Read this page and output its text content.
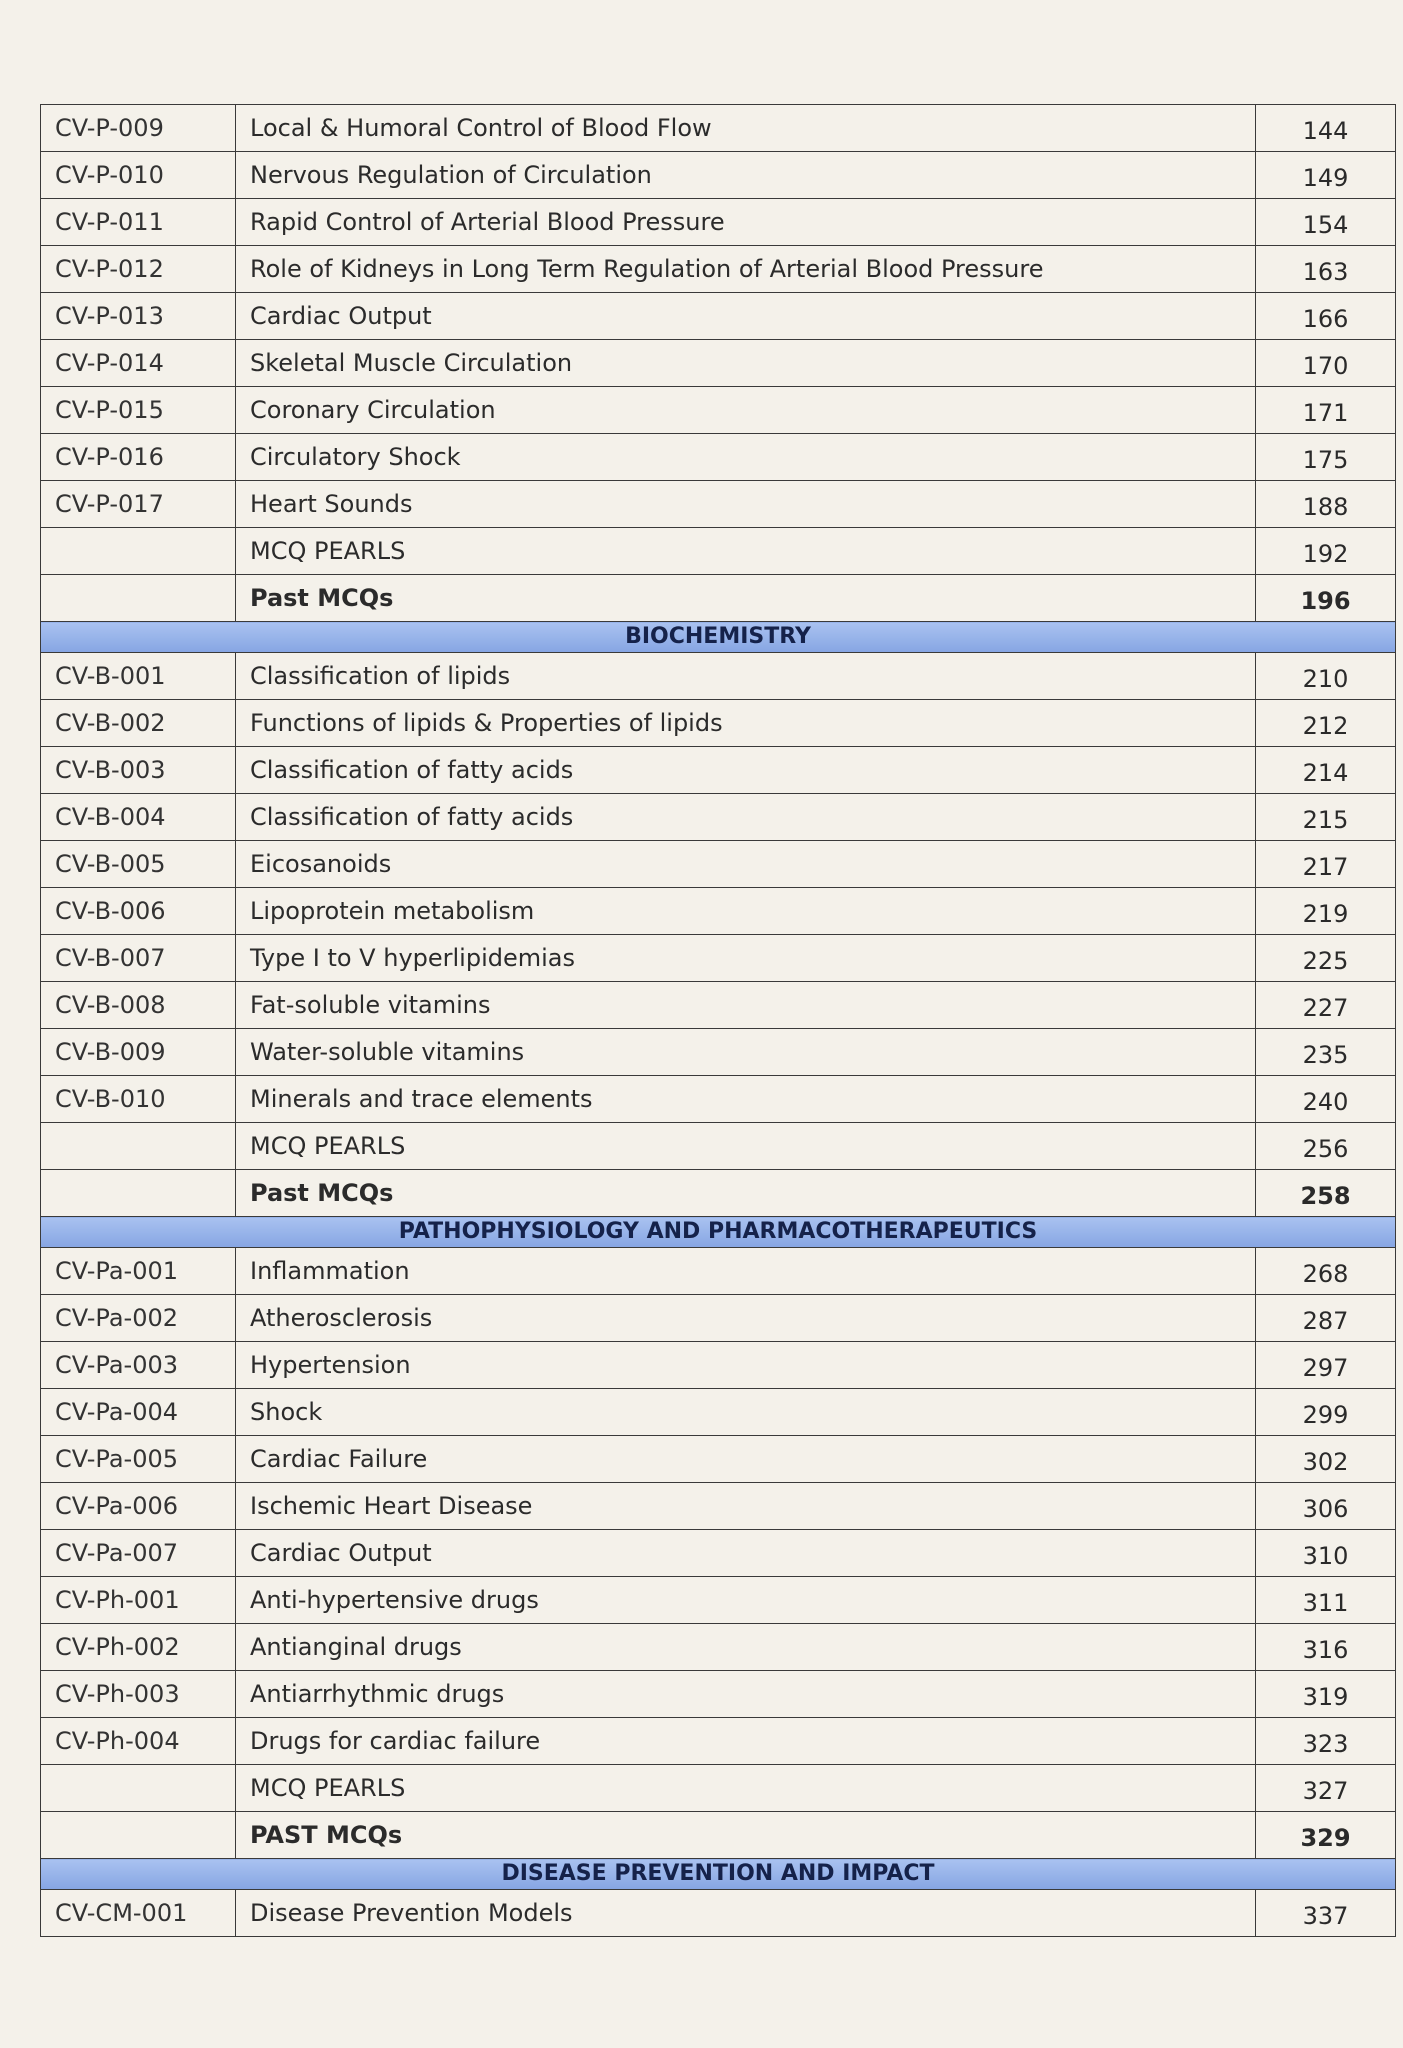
CV-P-009	Local & Humoral Control of Blood Flow	144
CV-P-010	Nervous Regulation of Circulation	149
CV-P-011	Rapid Control of Arterial Blood Pressure	154
CV-P-012	Role of Kidneys in Long Term Regulation of Arterial Blood Pressure	163
CV-P-013	Cardiac Output	166
CV-P-014	Skeletal Muscle Circulation	170
CV-P-015	Coronary Circulation	171
CV-P-016	Circulatory Shock	175
CV-P-017	Heart Sounds	188
	MCQ PEARLS	192
	Past MCQs	196
BIOCHEMISTRY		
CV-B-001	Classification of lipids	210
CV-B-002	Functions of lipids & Properties of lipids	212
CV-B-003	Classification of fatty acids	214
CV-B-004	Classification of fatty acids	215
CV-B-005	Eicosanoids	217
CV-B-006	Lipoprotein metabolism	219
CV-B-007	Type I to V hyperlipidemias	225
CV-B-008	Fat-soluble vitamins	227
CV-B-009	Water-soluble vitamins	235
CV-B-010	Minerals and trace elements	240
	MCQ PEARLS	256
	Past MCQs	258
PATHOPHYSIOLOGY AND PHARMACOTHERAPEUTICS		
CV-Pa-001	Inflammation	268
CV-Pa-002	Atherosclerosis	287
CV-Pa-003	Hypertension	297
CV-Pa-004	Shock	299
CV-Pa-005	Cardiac Failure	302
CV-Pa-006	Ischemic Heart Disease	306
CV-Pa-007	Cardiac Output	310
CV-Ph-001	Anti-hypertensive drugs	311
CV-Ph-002	Antianginal drugs	316
CV-Ph-003	Antiarrhythmic drugs	319
CV-Ph-004	Drugs for cardiac failure	323
	MCQ PEARLS	327
	PAST MCQs	329
DISEASE PREVENTION AND IMPACT		
CV-CM-001	Disease Prevention Models	337
